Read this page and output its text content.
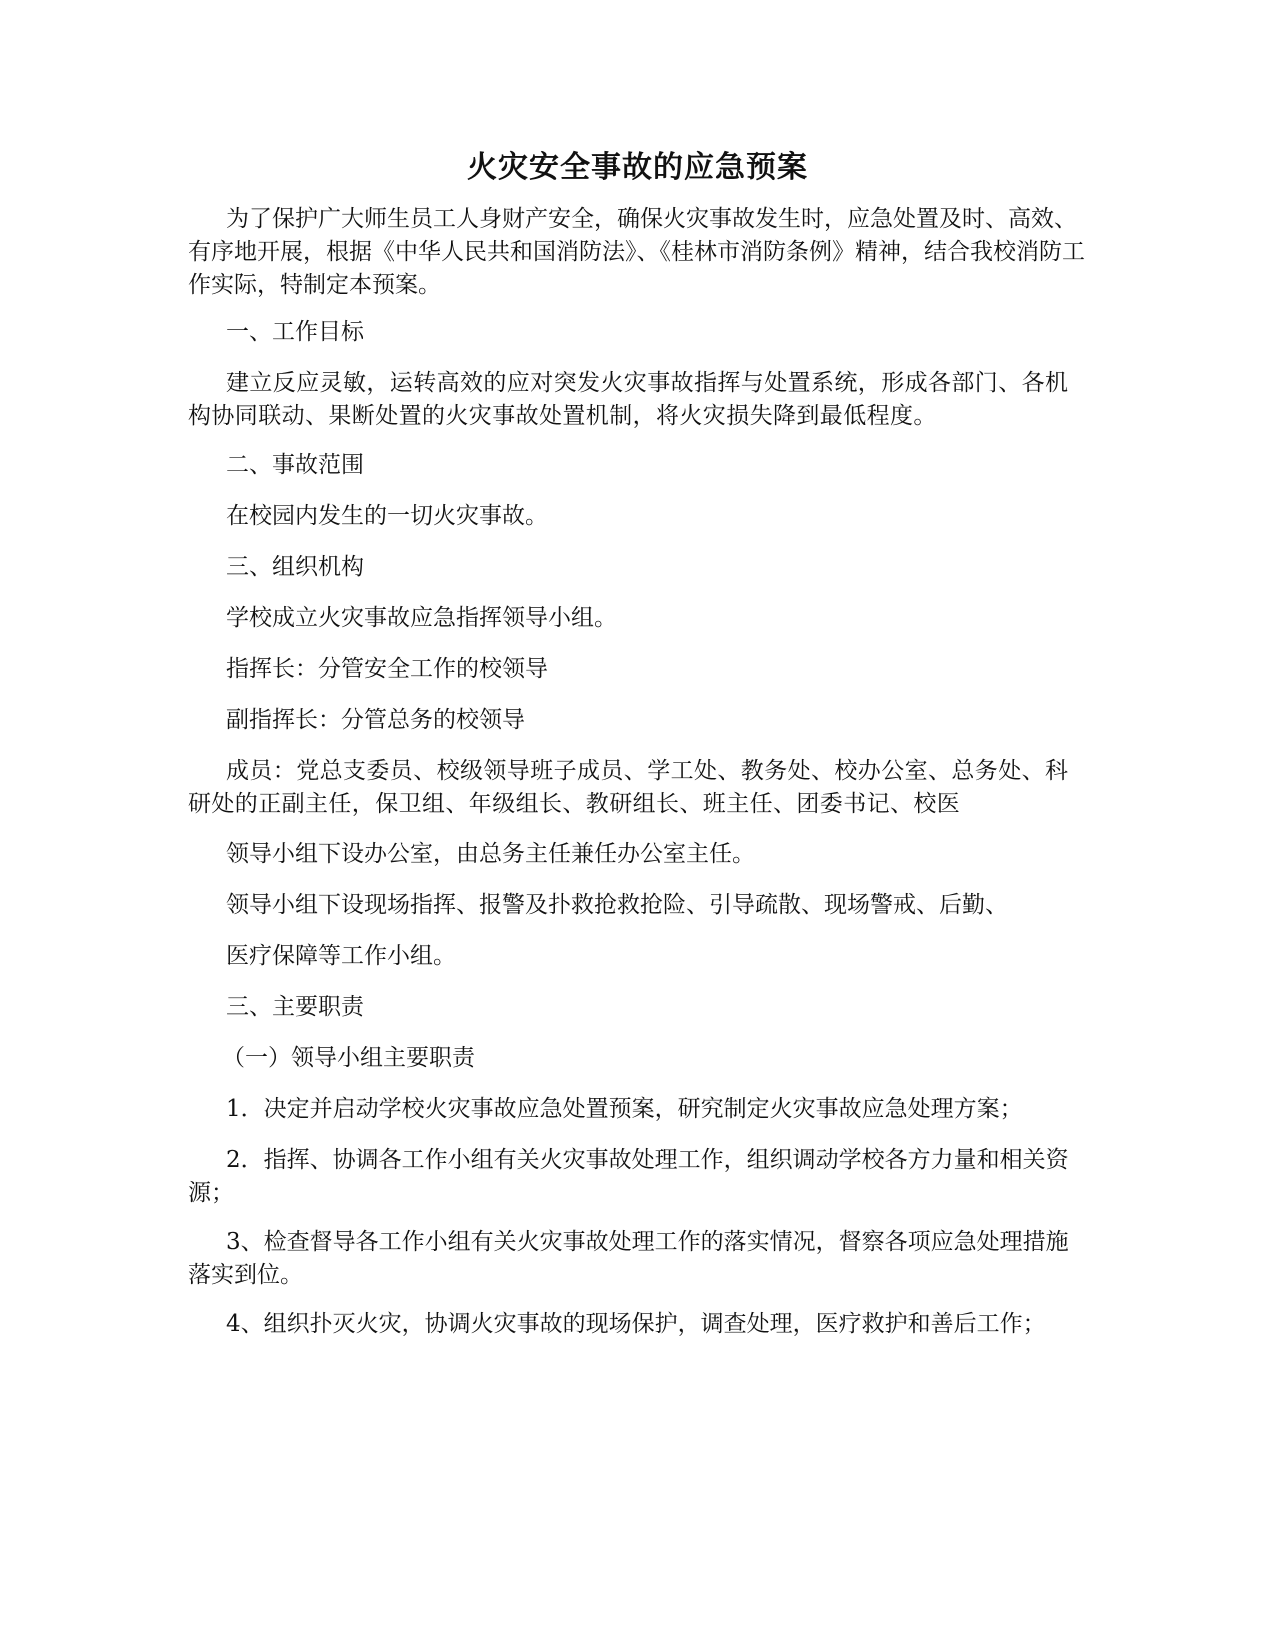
火灾安全事故的应急预案
为了保护广大师生员工人身财产安全，确保火灾事故发生时，应急处置及时、高效、有序地开展，根据《中华人民共和国消防法》、《桂林市消防条例》精神，结合我校消防工作实际，特制定本预案。
一、工作目标
建立反应灵敏，运转高效的应对突发火灾事故指挥与处置系统，形成各部门、各机构协同联动、果断处置的火灾事故处置机制，将火灾损失降到最低程度。
二、事故范围
在校园内发生的一切火灾事故。
三、组织机构
学校成立火灾事故应急指挥领导小组。
指挥长：分管安全工作的校领导
副指挥长：分管总务的校领导
成员：党总支委员、校级领导班子成员、学工处、教务处、校办公室、总务处、科研处的正副主任，保卫组、年级组长、教研组长、班主任、团委书记、校医
领导小组下设办公室，由总务主任兼任办公室主任。
领导小组下设现场指挥、报警及扑救抢救抢险、引导疏散、现场警戒、后勤、
医疗保障等工作小组。
三、主要职责
（一）领导小组主要职责
1．决定并启动学校火灾事故应急处置预案，研究制定火灾事故应急处理方案；
2．指挥、协调各工作小组有关火灾事故处理工作，组织调动学校各方力量和相关资源；
3、检查督导各工作小组有关火灾事故处理工作的落实情况，督察各项应急处理措施落实到位。
4、组织扑灭火灾，协调火灾事故的现场保护，调查处理，医疗救护和善后工作；
